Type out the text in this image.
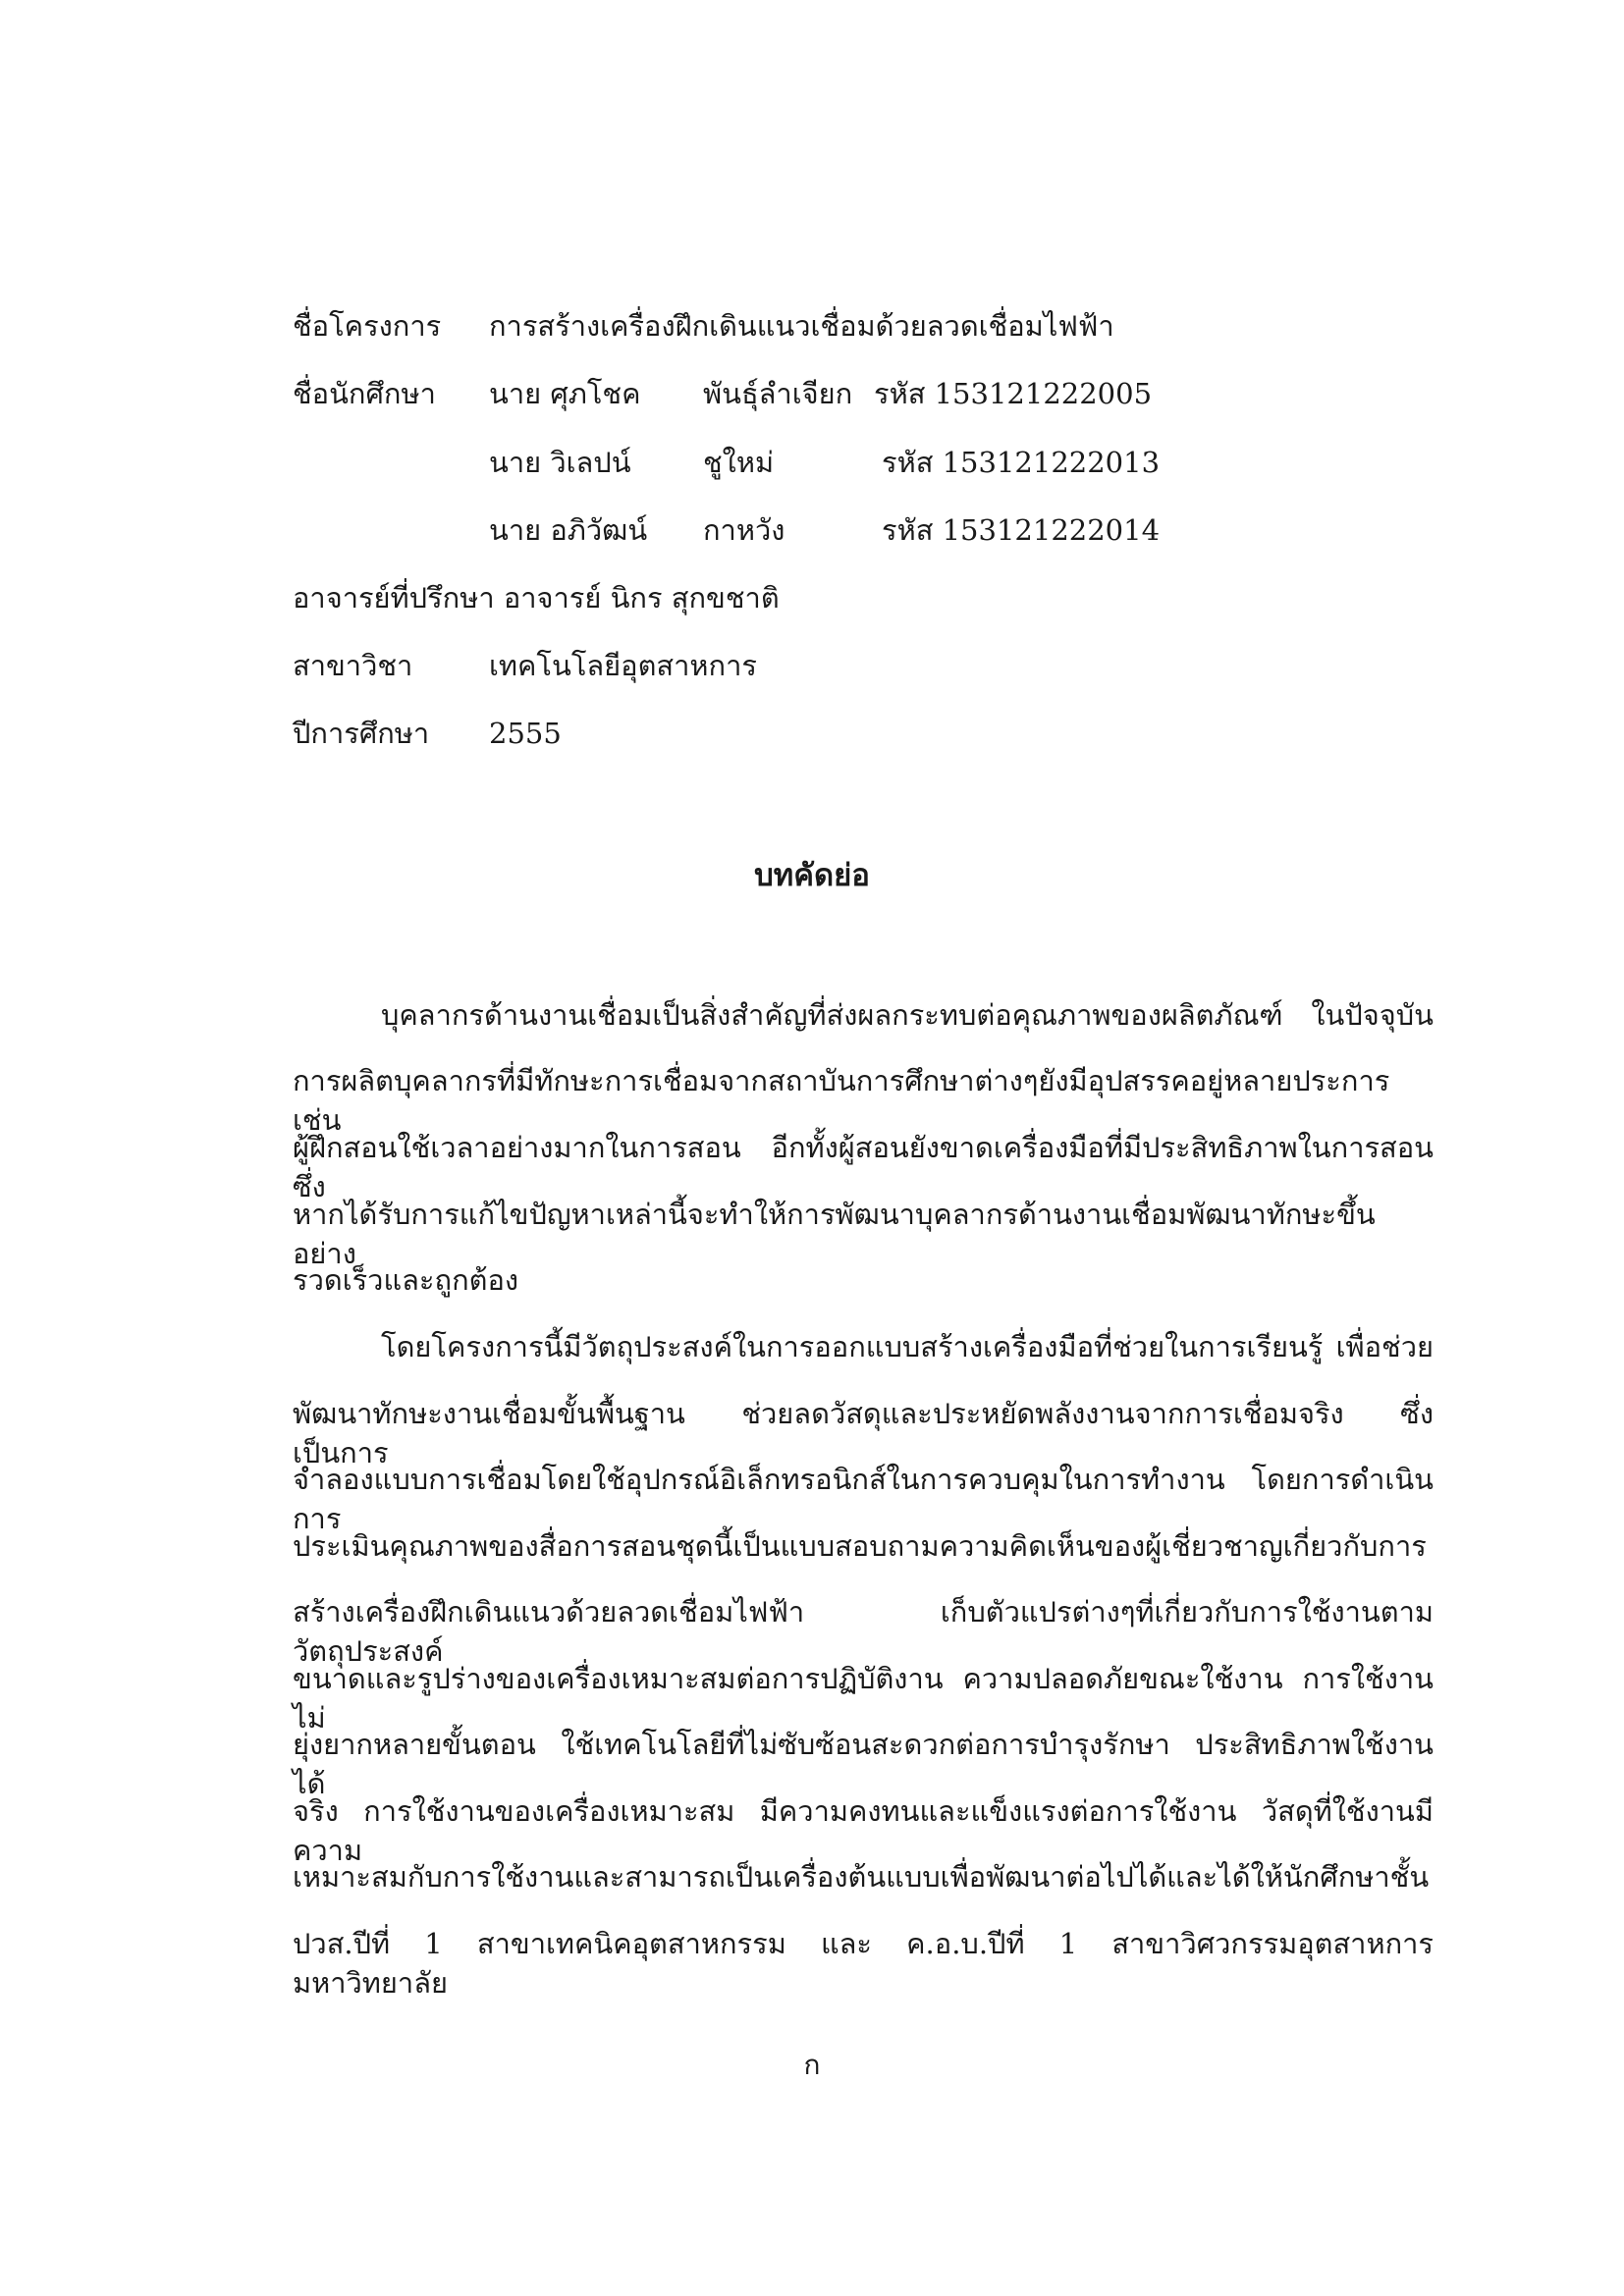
ชื่อโครงการ การสร้างเครื่องฝึกเดินแนวเชื่อมด้วยลวดเชื่อมไฟฟ้า
ชื่อนักศึกษา นาย ศุภโชค พันธุ์ลำเจียก รหัส 153121222005
นาย วิเลปน์	ชูใหม่	รหัส 153121222013
นาย อภิวัฒน์ กาหวัง	รหัส 153121222014
อาจารย์ที่ปรึกษา อาจารย์ นิกร สุกขชาติ
สาขาวิชา	เทคโนโลยีอุตสาหการ
ปีการศึกษา 2555
บทคัดย่อ
บุคลากรด้านงานเชื่อมเป็นสิ่งสำคัญที่ส่งผลกระทบต่อคุณภาพของผลิตภัณฑ์ ในปัจจุบัน
การผลิตบุคลากรที่มีทักษะการเชื่อมจากสถาบันการศึกษาต่างๆยังมีอุปสรรคอยู่หลายประการ เช่น
ผู้ฝึกสอนใช้เวลาอย่างมากในการสอน อีกทั้งผู้สอนยังขาดเครื่องมือที่มีประสิทธิภาพในการสอน ซึ่ง
หากได้รับการแก้ไขปัญหาเหล่านี้จะทำให้การพัฒนาบุคลากรด้านงานเชื่อมพัฒนาทักษะขึ้นอย่าง
รวดเร็วและถูกต้อง
โดยโครงการนี้มีวัตถุประสงค์ในการออกแบบสร้างเครื่องมือที่ช่วยในการเรียนรู้ เพื่อช่วย
พัฒนาทักษะงานเชื่อมขั้นพื้นฐาน ช่วยลดวัสดุและประหยัดพลังงานจากการเชื่อมจริง ซึ่งเป็นการ
จำลองแบบการเชื่อมโดยใช้อุปกรณ์อิเล็กทรอนิกส์ในการควบคุมในการทำงาน โดยการดำเนินการ
ประเมินคุณภาพของสื่อการสอนชุดนี้เป็นแบบสอบถามความคิดเห็นของผู้เชี่ยวชาญเกี่ยวกับการ
สร้างเครื่องฝึกเดินแนวด้วยลวดเชื่อมไฟฟ้า เก็บตัวแปรต่างๆที่เกี่ยวกับการใช้งานตามวัตถุประสงค์
ขนาดและรูปร่างของเครื่องเหมาะสมต่อการปฏิบัติงาน ความปลอดภัยขณะใช้งาน การใช้งานไม่
ยุ่งยากหลายขั้นตอน ใช้เทคโนโลยีที่ไม่ซับซ้อนสะดวกต่อการบำรุงรักษา ประสิทธิภาพใช้งานได้
จริง การใช้งานของเครื่องเหมาะสม มีความคงทนและแข็งแรงต่อการใช้งาน วัสดุที่ใช้งานมีความ
เหมาะสมกับการใช้งานและสามารถเป็นเครื่องต้นแบบเพื่อพัฒนาต่อไปได้และได้ให้นักศึกษาชั้น
ปวส.ปีที่ 1 สาขาเทคนิคอุตสาหกรรม และ ค.อ.บ.ปีที่ 1 สาขาวิศวกรรมอุตสาหการ มหาวิทยาลัย
ก
